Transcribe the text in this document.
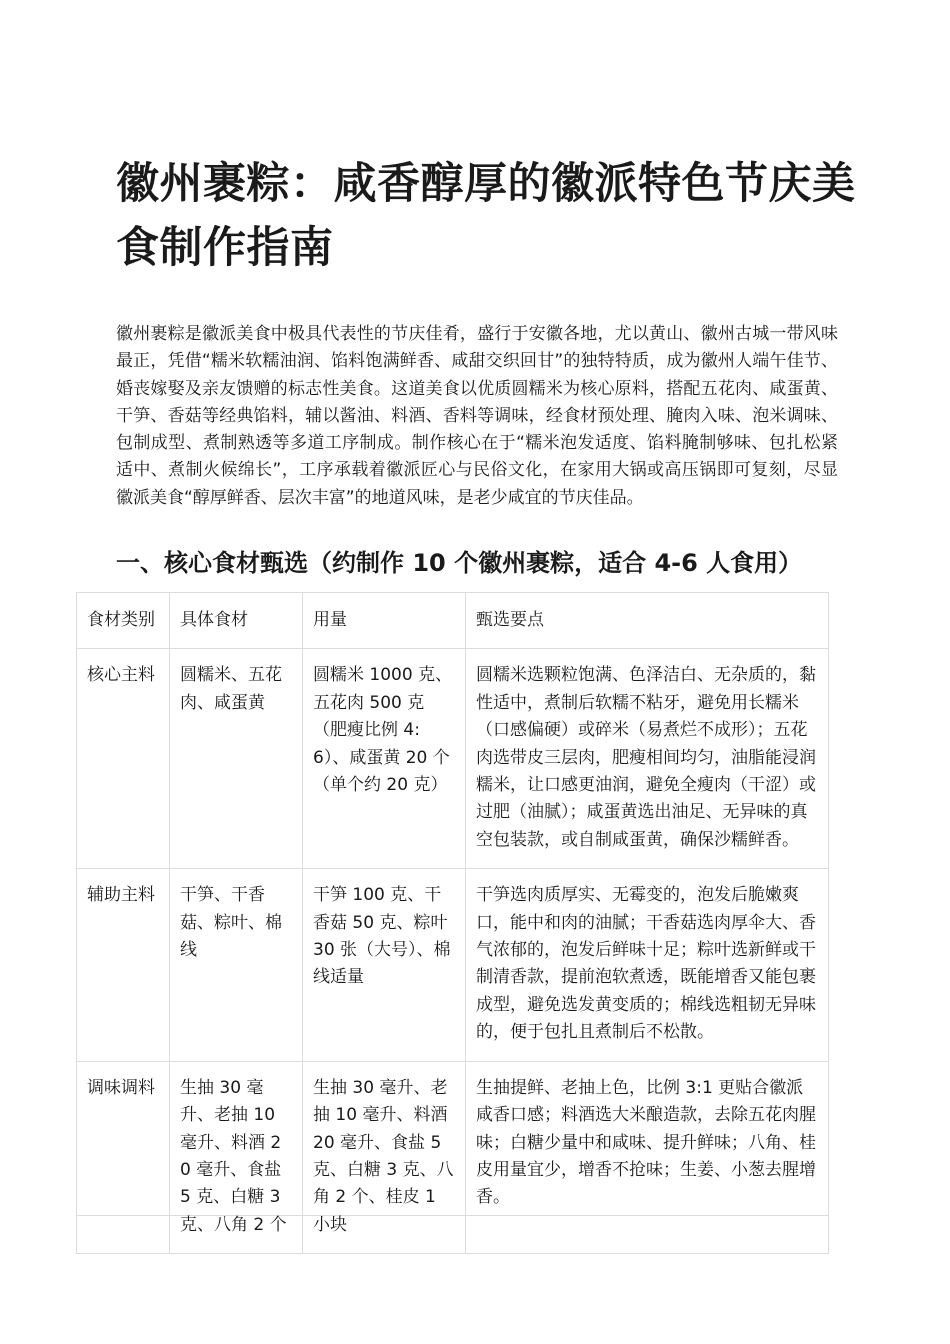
徽州裹粽：咸香醇厚的徽派特色节庆美食制作指南

徽州裹粽是徽派美食中极具代表性的节庆佳肴，盛行于安徽各地，尤以黄山、徽州古城一带风味最正，凭借“糯米软糯油润、馅料饱满鲜香、咸甜交织回甘”的独特特质，成为徽州人端午佳节、婚丧嫁娶及亲友馈赠的标志性美食。这道美食以优质圆糯米为核心原料，搭配五花肉、咸蛋黄、干笋、香菇等经典馅料，辅以酱油、料酒、香料等调味，经食材预处理、腌肉入味、泡米调味、包制成型、煮制熟透等多道工序制成。制作核心在于“糯米泡发适度、馅料腌制够味、包扎松紧适中、煮制火候绵长”，工序承载着徽派匠心与民俗文化，在家用大锅或高压锅即可复刻，尽显徽派美食“醇厚鲜香、层次丰富”的地道风味，是老少咸宜的节庆佳品。

一、核心食材甄选（约制作 10 个徽州裹粽，适合 4-6 人食用）
食材类别	具体食材	用量	甄选要点
核心主料	圆糯米、五花肉、咸蛋黄	圆糯米 1000 克、五花肉 500 克（肥瘦比例 4:6）、咸蛋黄 20 个（单个约 20 克）	圆糯米选颗粒饱满、色泽洁白、无杂质的，黏性适中，煮制后软糯不粘牙，避免用长糯米（口感偏硬）或碎米（易煮烂不成形）；五花肉选带皮三层肉，肥瘦相间均匀，油脂能浸润糯米，让口感更油润，避免全瘦肉（干涩）或过肥（油腻）；咸蛋黄选出油足、无异味的真空包装款，或自制咸蛋黄，确保沙糯鲜香。
辅助主料	干笋、干香菇、粽叶、棉线	干笋 100 克、干香菇 50 克、粽叶 30 张（大号）、棉线适量	干笋选肉质厚实、无霉变的，泡发后脆嫩爽口，能中和肉的油腻；干香菇选肉厚伞大、香气浓郁的，泡发后鲜味十足；粽叶选新鲜或干制清香款，提前泡软煮透，既能增香又能包裹成型，避免选发黄变质的；棉线选粗韧无异味的，便于包扎且煮制后不松散。
调味调料	生抽 30 毫升、老抽 10 毫升、料酒 20 毫升、食盐 5 克、白糖 3 克、八角 2 个	生抽 30 毫升、老抽 10 毫升、料酒 20 毫升、食盐 5 克、白糖 3 克、八角 2 个、桂皮 1 小块	生抽提鲜、老抽上色，比例 3:1 更贴合徽派咸香口感；料酒选大米酿造款，去除五花肉腥味；白糖少量中和咸味、提升鲜味；八角、桂皮用量宜少，增香不抢味；生姜、小葱去腥增香。
